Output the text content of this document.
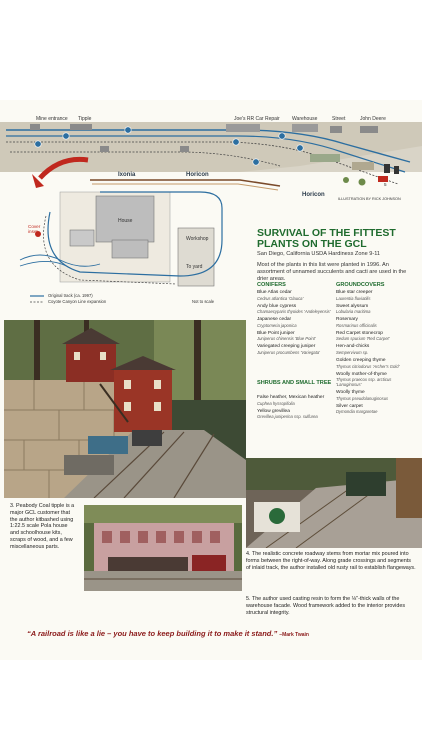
Mine entrance Tipple	Joe's RR Car Repair Warehouse	Street	John Deere
Ixonia	Horicon
Horicon
House
Workshop
To yard
Cover inset
Original track (ca. 1997)
Coyote Canyon Line expansion	Not to scale
ILLUSTRATION BY RICK JOHNSON
5
SURVIVAL OF THE FITTEST PLANTS ON THE GCL
San Diego, California USDA Hardiness Zone 9-11
Most of the plants in this list were planted in 1996. An assortment of unnamed succulents and cacti are used in the drier areas.
CONIFERS
Blue Atlas cedar
Cedrus atlantica 'Glauca'
Andy blue cypress
Chamaecyparis thyoides 'Andeleyensis'
Japanese cedar
Cryptomeria japonica
Blue Point juniper
Juniperus chinensis 'Blue Point'
Variegated creeping juniper
Juniperus procumbens 'Variegata'
SHRUBS AND SMALL TREE
False heather, Mexican heather
Cuphea hyssopifolia
Yellow grevillea
Grevillea juniperina ssp. sulfurea
GROUNDCOVERS
Blue star creeper
Laurentia fluviatilis
Sweet alyssum
Lobularia maritima
Rosemary
Rosmarinus officinalis
Red Carpet stonecrop
Sedum spurium 'Red Carpet'
Hen-and-chicks
Sempervivum sp.
Golden creeping thyme
Thymus citriodorus 'Archer's Gold'
Woolly mother-of-thyme
Thymus praecox ssp. arcticus 'Lanuginosus'
Woolly thyme
Thymus pseudolanuginosus
Silver carpet
Dymondia margaretae
3. Peabody Coal tipple is a major GCL customer that the author kitbashed using 1:22.5 scale Pola house and schoolhouse kits, scraps of wood, and a few miscellaneous parts.
4. The realistic concrete roadway stems from mortar mix poured into forms between the right-of-way. Along grade crossings and segments of inlaid track, the author installed old rusty rail to establish flangeways.
5. The author used casting resin to form the ⅛"-thick walls of the warehouse facade. Wood framework added to the interior provides structural integrity.
“A railroad is like a lie – you have to keep building it to make it stand.” –Mark Twain
